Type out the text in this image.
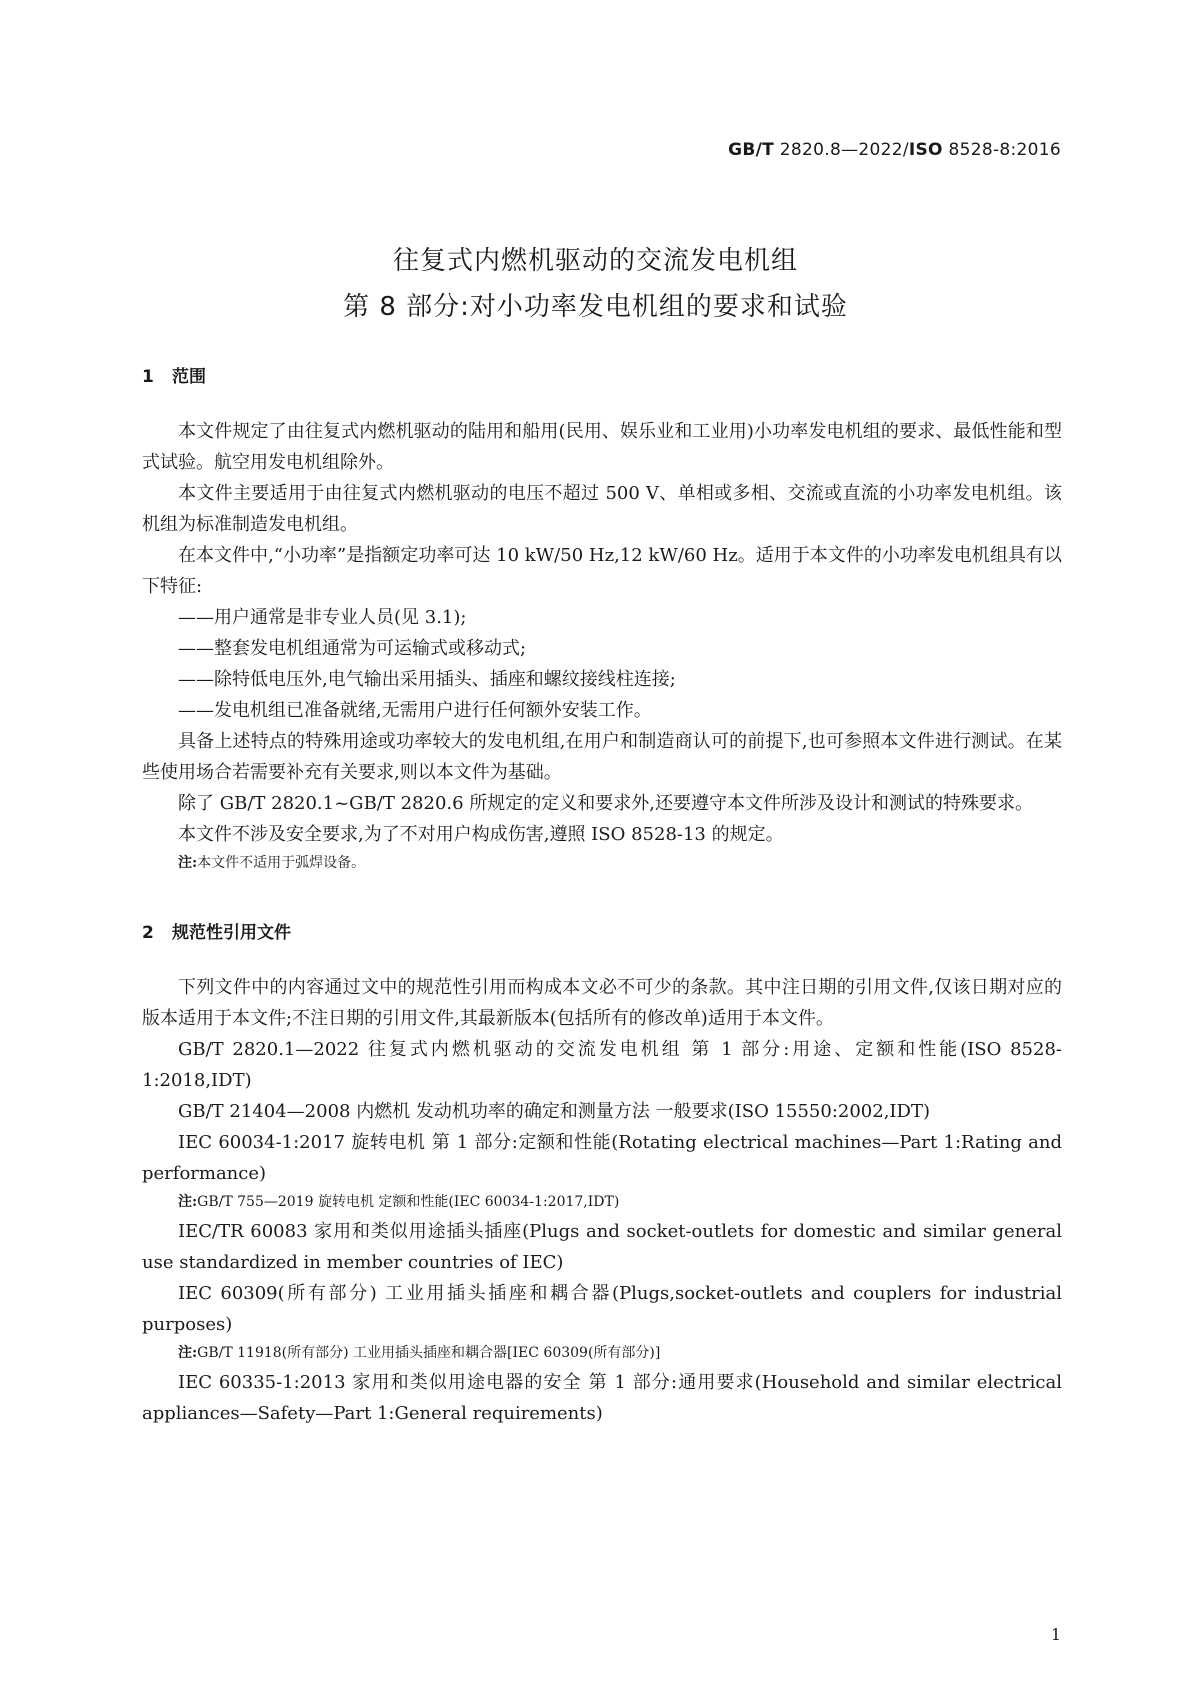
GB/T 2820.8—2022/ISO 8528-8:2016
往复式内燃机驱动的交流发电机组
第 8 部分:对小功率发电机组的要求和试验
1 范围

本文件规定了由往复式内燃机驱动的陆用和船用(民用、娱乐业和工业用)小功率发电机组的要求、最低性能和型式试验。航空用发电机组除外。

本文件主要适用于由往复式内燃机驱动的电压不超过 500 V、单相或多相、交流或直流的小功率发电机组。该机组为标准制造发电机组。

在本文件中,“小功率”是指额定功率可达 10 kW/50 Hz,12 kW/60 Hz。适用于本文件的小功率发电机组具有以下特征:

——用户通常是非专业人员(见 3.1);

——整套发电机组通常为可运输式或移动式;

——除特低电压外,电气输出采用插头、插座和螺纹接线柱连接;

——发电机组已准备就绪,无需用户进行任何额外安装工作。

具备上述特点的特殊用途或功率较大的发电机组,在用户和制造商认可的前提下,也可参照本文件进行测试。在某些使用场合若需要补充有关要求,则以本文件为基础。

除了 GB/T 2820.1~GB/T 2820.6 所规定的定义和要求外,还要遵守本文件所涉及设计和测试的特殊要求。

本文件不涉及安全要求,为了不对用户构成伤害,遵照 ISO 8528-13 的规定。

注:本文件不适用于弧焊设备。

2 规范性引用文件

下列文件中的内容通过文中的规范性引用而构成本文必不可少的条款。其中注日期的引用文件,仅该日期对应的版本适用于本文件;不注日期的引用文件,其最新版本(包括所有的修改单)适用于本文件。

GB/T 2820.1—2022 往复式内燃机驱动的交流发电机组 第 1 部分:用途、定额和性能(ISO 8528-1:2018,IDT)

GB/T 21404—2008 内燃机 发动机功率的确定和测量方法 一般要求(ISO 15550:2002,IDT)

IEC 60034-1:2017 旋转电机 第 1 部分:定额和性能(Rotating electrical machines—Part 1:Rating and performance)

注:GB/T 755—2019 旋转电机 定额和性能(IEC 60034-1:2017,IDT)

IEC/TR 60083 家用和类似用途插头插座(Plugs and socket-outlets for domestic and similar general use standardized in member countries of IEC)

IEC 60309(所有部分) 工业用插头插座和耦合器(Plugs,socket-outlets and couplers for industrial purposes)

注:GB/T 11918(所有部分) 工业用插头插座和耦合器[IEC 60309(所有部分)]

IEC 60335-1:2013 家用和类似用途电器的安全 第 1 部分:通用要求(Household and similar electrical appliances—Safety—Part 1:General requirements)

1
